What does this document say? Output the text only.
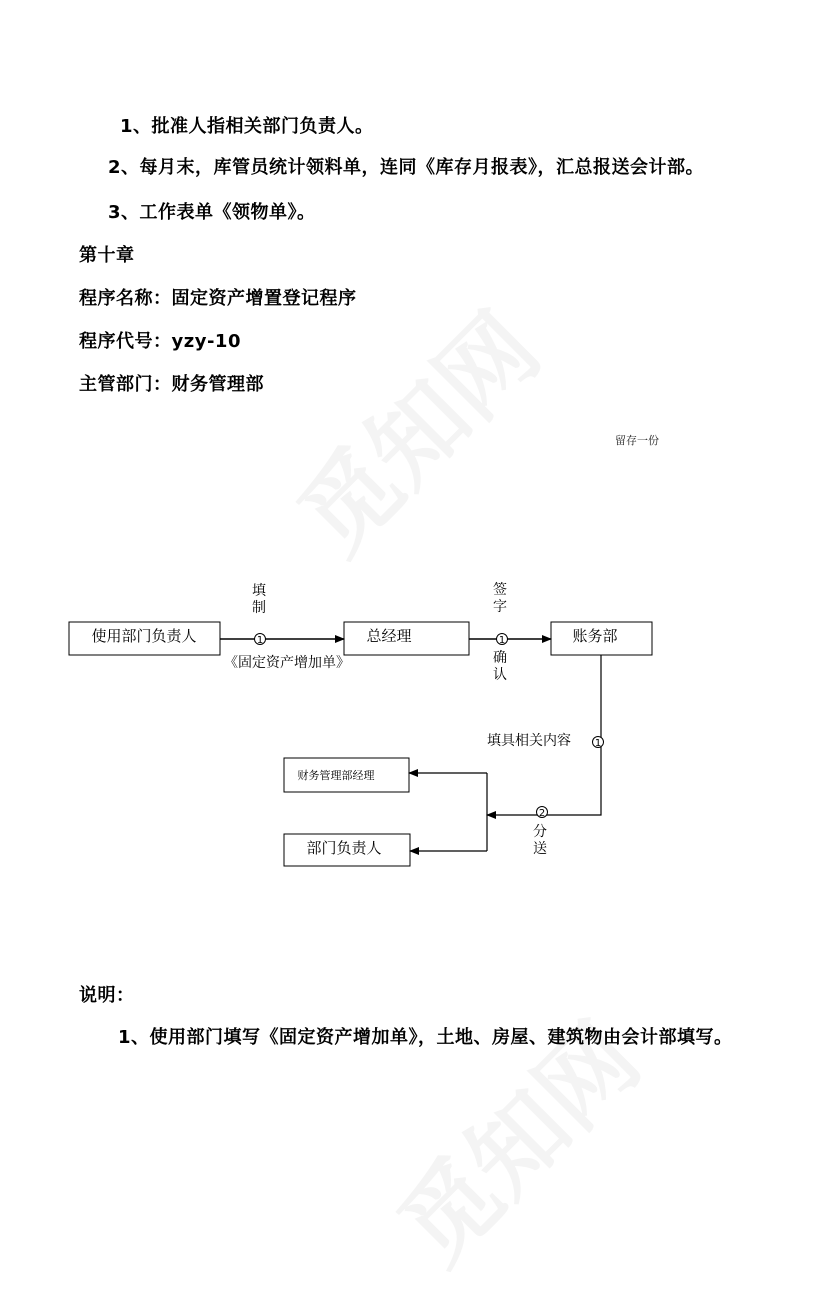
1、批准人指相关部门负责人。
2、每月末，库管员统计领料单，连同《库存月报表》，汇总报送会计部。
3、工作表单《领物单》。
第十章
程序名称：固定资产增置登记程序
程序代号：yzy-10
主管部门：财务管理部
留存一份
使用部门负责人	总经理	账务部
财务管理部经理
部门负责人
1
填
制
《固定资产增加单》
1
签
字
确
认
1
填具相关内容
2
分
送
说明：
1、使用部门填写《固定资产增加单》，土地、房屋、建筑物由会计部填写。
